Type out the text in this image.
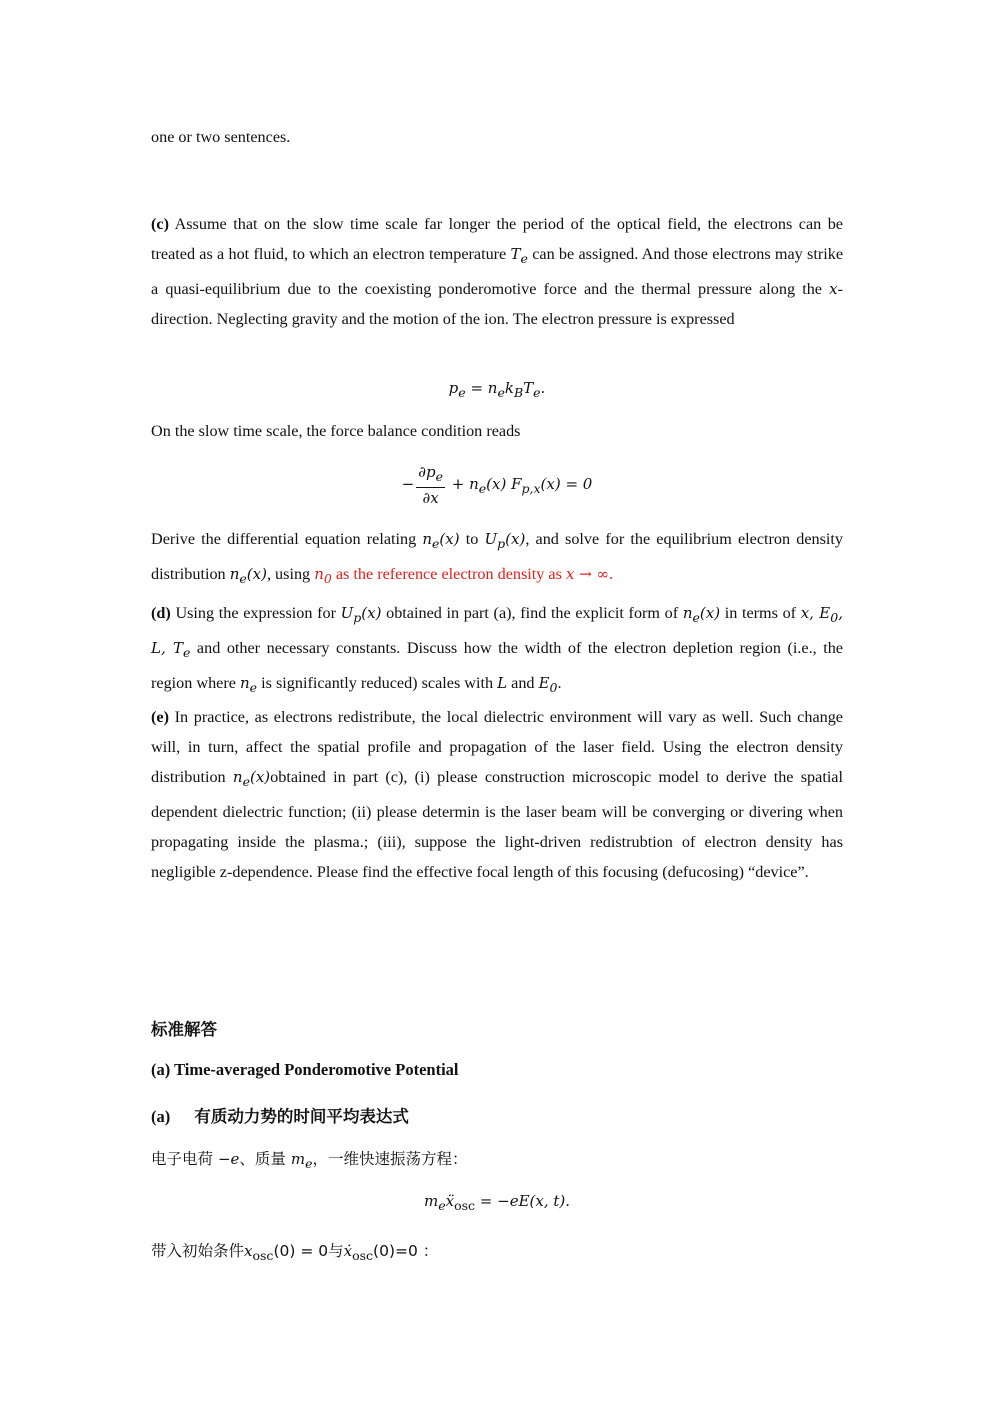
one or two sentences.
(c) Assume that on the slow time scale far longer the period of the optical field, the electrons can be treated as a hot fluid, to which an electron temperature $T_e$ can be assigned. And those electrons may strike a quasi-equilibrium due to the coexisting ponderomotive force and the thermal pressure along the x-direction. Neglecting gravity and the motion of the ion. The electron pressure is expressed
$p_e = n_ek_BT_e$.
On the slow time scale, the force balance condition reads
− $\frac{\partial p_e}{\partial x} + n_e(x) F_{p,x}(x) = 0$
Derive the differential equation relating $n_e(x)$ to $U_p(x)$, and solve for the equilibrium electron density distribution $n_e(x)$, using $n_0$ as the reference electron density as x → ∞.
(d) Using the expression for $U_p(x)$ obtained in part (a), find the explicit form of $n_e(x)$ in terms of x, $E_0$, L, $T_e$ and other necessary constants. Discuss how the width of the electron depletion region (i.e., the region where $n_e$ is significantly reduced) scales with L and $E_0$.
(e) In practice, as electrons redistribute, the local dielectric environment will vary as well. Such change will, in turn, affect the spatial profile and propagation of the laser field. Using the electron density distribution $n_e(x)obtained$ in part (c), (i) please construction microscopic model to derive the spatial dependent dielectric function; (ii) please determin is the laser beam will be converging or divering when propagating inside the plasma.; (iii), suppose the light-driven redistrubtion of electron density has negligible z-dependence. Please find the effective focal length of this focusing (defucosing) “device”.
标准解答
(a) Time-averaged Ponderomotive Potential
(a) 有质动力势的时间平均表达式
电子电荷 −e、质量 $m_e$，一维快速振荡方程：
$m_eẍ_{osc} = -eE(x$, t).
带入初始条件$x_{osc}(0) = 0$与ẋ$_{osc}$(0)=0 ：
